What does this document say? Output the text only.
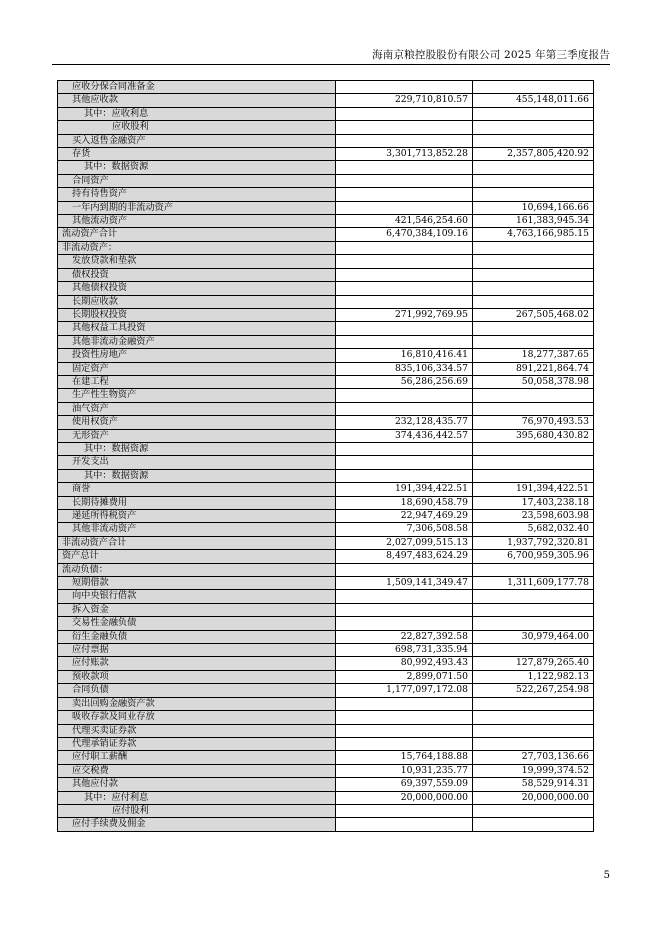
海南京粮控股股份有限公司 2025 年第三季度报告
应收分保合同准备金		
其他应收款	229,710,810.57	455,148,011.66
其中：应收利息		
应收股利		
买入返售金融资产		
存货	3,301,713,852.28	2,357,805,420.92
其中：数据资源		
合同资产		
持有待售资产		
一年内到期的非流动资产		10,694,166.66
其他流动资产	421,546,254.60	161,383,945.34
流动资产合计	6,470,384,109.16	4,763,166,985.15
非流动资产：		
发放贷款和垫款		
债权投资		
其他债权投资		
长期应收款		
长期股权投资	271,992,769.95	267,505,468.02
其他权益工具投资		
其他非流动金融资产		
投资性房地产	16,810,416.41	18,277,387.65
固定资产	835,106,334.57	891,221,864.74
在建工程	56,286,256.69	50,058,378.98
生产性生物资产		
油气资产		
使用权资产	232,128,435.77	76,970,493.53
无形资产	374,436,442.57	395,680,430.82
其中：数据资源		
开发支出		
其中：数据资源		
商誉	191,394,422.51	191,394,422.51
长期待摊费用	18,690,458.79	17,403,238.18
递延所得税资产	22,947,469.29	23,598,603.98
其他非流动资产	7,306,508.58	5,682,032.40
非流动资产合计	2,027,099,515.13	1,937,792,320.81
资产总计	8,497,483,624.29	6,700,959,305.96
流动负债：		
短期借款	1,509,141,349.47	1,311,609,177.78
向中央银行借款		
拆入资金		
交易性金融负债		
衍生金融负债	22,827,392.58	30,979,464.00
应付票据	698,731,335.94	
应付账款	80,992,493.43	127,879,265.40
预收款项	2,899,071.50	1,122,982.13
合同负债	1,177,097,172.08	522,267,254.98
卖出回购金融资产款		
吸收存款及同业存放		
代理买卖证券款		
代理承销证券款		
应付职工薪酬	15,764,188.88	27,703,136.66
应交税费	10,931,235.77	19,999,374.52
其他应付款	69,397,559.09	58,529,914.31
其中：应付利息	20,000,000.00	20,000,000.00
应付股利		
应付手续费及佣金		
5
